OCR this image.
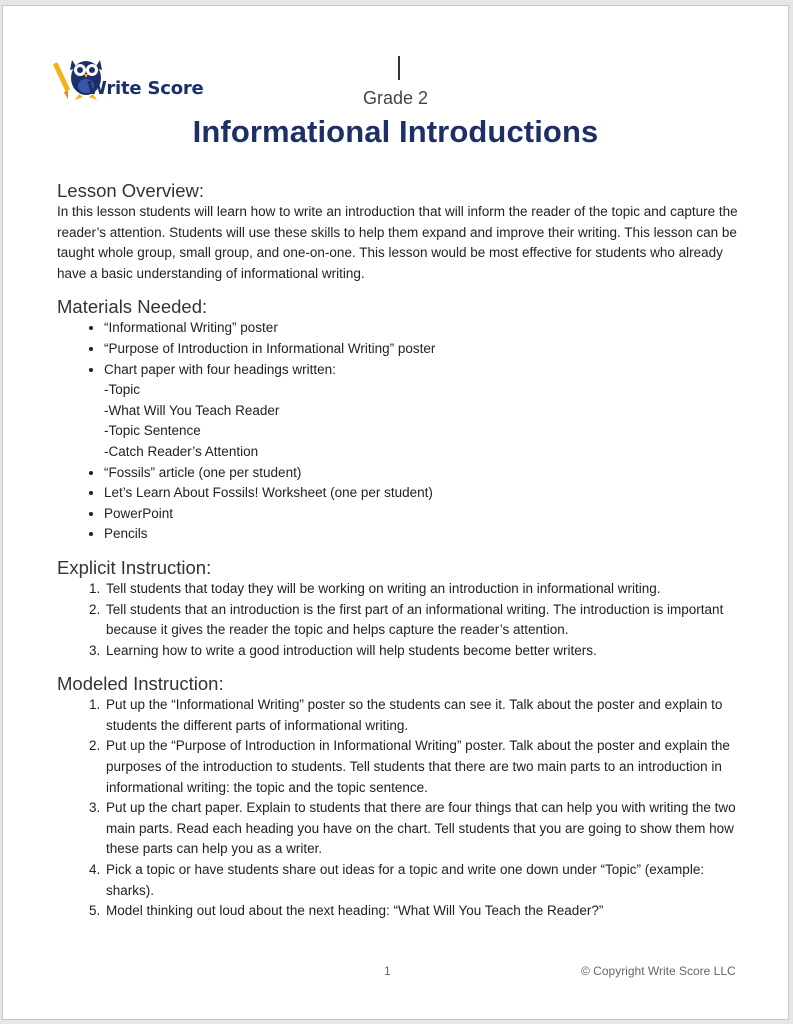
Write Score	Grade 2
Informational Introductions
Lesson Overview:

In this lesson students will learn how to write an introduction that will inform the reader of the topic and capture the reader’s attention. Students will use these skills to help them expand and improve their writing. This lesson can be taught whole group, small group, and one-on-one. This lesson would be most effective for students who already have a basic understanding of informational writing.

Materials Needed:
• “Informational Writing” poster
• “Purpose of Introduction in Informational Writing” poster
• Chart paper with four headings written:
-Topic
-What Will You Teach Reader
-Topic Sentence
-Catch Reader’s Attention
• “Fossils” article (one per student)
• Let’s Learn About Fossils! Worksheet (one per student)
• PowerPoint
• Pencils
Explicit Instruction:
1. Tell students that today they will be working on writing an introduction in informational writing.
2. Tell students that an introduction is the first part of an informational writing. The introduction is important because it gives the reader the topic and helps capture the reader’s attention.
3. Learning how to write a good introduction will help students become better writers.
Modeled Instruction:
1. Put up the “Informational Writing” poster so the students can see it. Talk about the poster and explain to students the different parts of informational writing.
2. Put up the “Purpose of Introduction in Informational Writing” poster. Talk about the poster and explain the purposes of the introduction to students. Tell students that there are two main parts to an introduction in informational writing: the topic and the topic sentence.
3. Put up the chart paper. Explain to students that there are four things that can help you with writing the two main parts. Read each heading you have on the chart. Tell students that you are going to show them how these parts can help you as a writer.
4. Pick a topic or have students share out ideas for a topic and write one down under “Topic” (example: sharks).
5. Model thinking out loud about the next heading: “What Will You Teach the Reader?”
1	© Copyright Write Score LLC
